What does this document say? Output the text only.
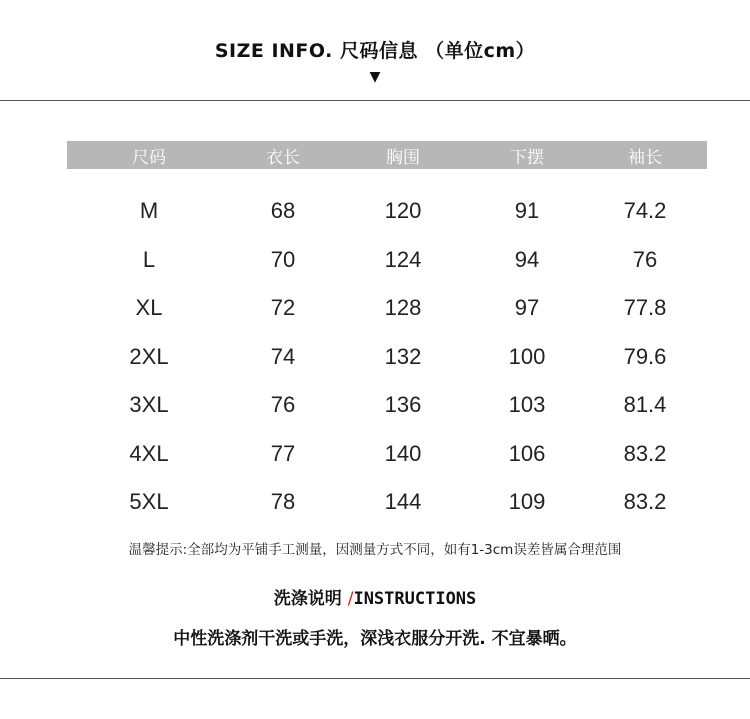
SIZE INFO. 尺码信息 （单位cm）
▼
尺码	衣长	胸围	下摆	袖长
M	68	120	91	74.2
L	70	124	94	76
XL	72	128	97	77.8
2XL	74	132	100	79.6
3XL	76	136	103	81.4
4XL	77	140	106	83.2
5XL	78	144	109	83.2
温馨提示:全部均为平铺手工测量，因测量方式不同，如有1-3cm误差皆属合理范围
洗涤说明 /INSTRUCTIONS
中性洗涤剂干洗或手洗，深浅衣服分开洗. 不宜暴晒。
